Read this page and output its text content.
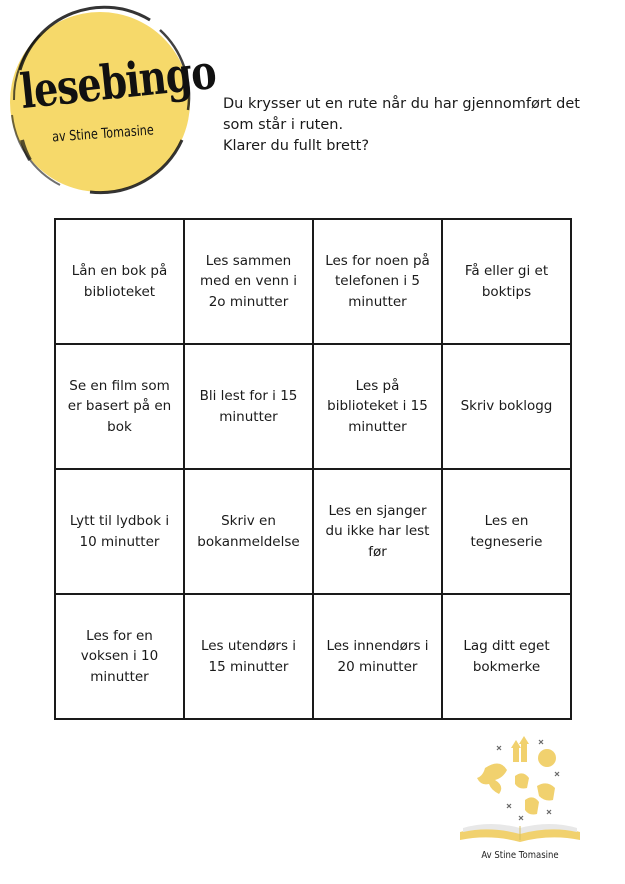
lesebingo
av Stine Tomasine

Du krysser ut en rute når du har gjennomført det

som står i ruten.

Klarer du fullt brett?

Lån en bok på biblioteket	Les sammen med en venn i 2o minutter	Les for noen på telefonen i 5 minutter	Få eller gi et boktips
Se en film som er basert på en bok	Bli lest for i 15 minutter	Les på biblioteket i 15 minutter	Skriv boklogg
Lytt til lydbok i 10 minutter	Skriv en bokanmeldelse	Les en sjanger du ikke har lest før	Les en tegneserie
Les for en voksen i 10 minutter	Les utendørs i 15 minutter	Les innendørs i 20 minutter	Lag ditt eget bokmerke
Av Stine Tomasine
